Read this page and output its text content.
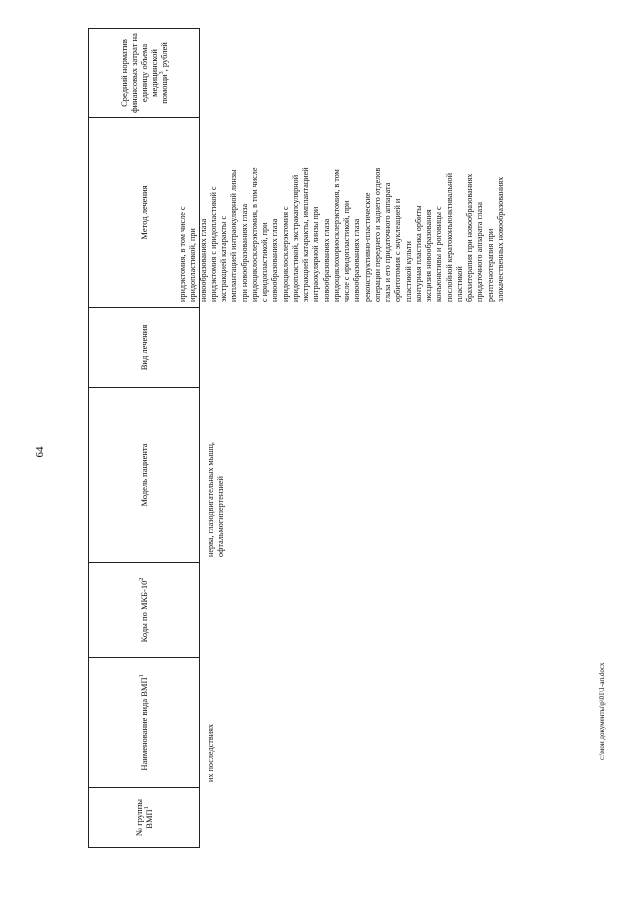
64
c:\мои документы\р\01\1-ап.docx
№ группы ВМП$^1$
Наименование вида ВМП$^1$
Коды по МКБ-$10^2$
Модель пациента
Вид лечения
Метод лечения
Средний норматив финансовых затрат на единицу объема медицинской помощи$^3$, рублей
их последствиях
нерва, глазодвигательных мышц, офтальмогипертензией
иридэктомия, в том числе с иридопластикой, при новообразованиях глаза иридэктомия с иридопластикой с экстракцией катаракты с имплантацией интраокулярной линзы при новообразованиях глаза иридоциклосклерэктомия, в том числе с иридопластикой, при новообразованиях глаза иридоциклосклерэктомия с иридопластикой, экстракапсулярной экстракцией катаракты, имплантацией интраокулярной линзы при новообразованиях глаза иридоциклохориосклерэктомия, в том числе с иридопластикой, при новообразованиях глаза реконструктивно-пластические операции переднего и заднего отделов глаза и его придаточного аппарата орбитотомия с энуклеацией и пластикой культи контурная пластика орбиты эксцизия новообразования конъюнктивы и роговицы с послойной кератоконъюнктивальной пластикой брахитерапия при новообразованиях придаточного аппарата глаза рентгенотерапия при злокачественных новообразованиях
